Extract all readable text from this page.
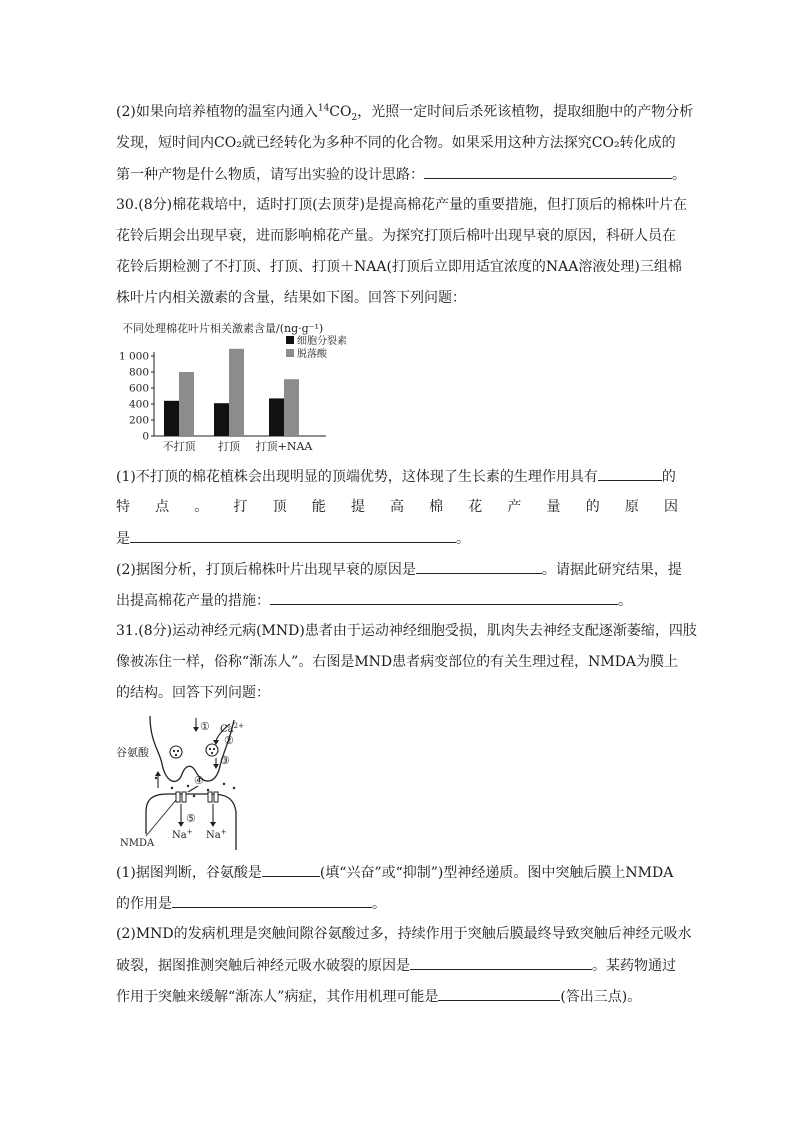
(2)如果向培养植物的温室内通入$^{14}CO_2$，光照一定时间后杀死该植物，提取细胞中的产物分析
发现，短时间内CO₂就已经转化为多种不同的化合物。如果采用这种方法探究CO₂转化成的
第一种产物是什么物质，请写出实验的设计思路：	。
30.(8分)棉花栽培中，适时打顶(去顶芽)是提高棉花产量的重要措施，但打顶后的棉株叶片在
花铃后期会出现早衰，进而影响棉花产量。为探究打顶后棉叶出现早衰的原因，科研人员在
花铃后期检测了不打顶、打顶、打顶＋NAA(打顶后立即用适宜浓度的NAA溶液处理)三组棉
株叶片内相关激素的含量，结果如下图。回答下列问题：
不同处理棉花叶片相关激素含量/(ng·g⁻¹)
0
200
400
600
800
1 000
不打顶 打顶 打顶+NAA
细胞分裂素
脱落酸
(1)不打顶的棉花植株会出现明显的顶端优势，这体现了生长素的生理作用具有	的
特 点 。 打 顶 能 提 高 棉 花 产 量 的 原 因
是	。
(2)据图分析，打顶后棉株叶片出现早衰的原因是	。请据此研究结果，提
出提高棉花产量的措施：	。
31.(8分)运动神经元病(MND)患者由于运动神经细胞受损，肌肉失去神经支配逐渐萎缩，四肢
像被冻住一样，俗称“渐冻人”。右图是MND患者病变部位的有关生理过程，NMDA为膜上
的结构。回答下列问题：
谷氨酸
$Ca^{2+}$
①
②
③
④
⑤
NMDA
Na+ Na+
(1)据图判断，谷氨酸是	(填“兴奋”或“抑制”)型神经递质。图中突触后膜上NMDA
的作用是	。
(2)MND的发病机理是突触间隙谷氨酸过多，持续作用于突触后膜最终导致突触后神经元吸水
破裂，据图推测突触后神经元吸水破裂的原因是	。某药物通过
作用于突触来缓解“渐冻人”病症，其作用机理可能是	(答出三点)。
